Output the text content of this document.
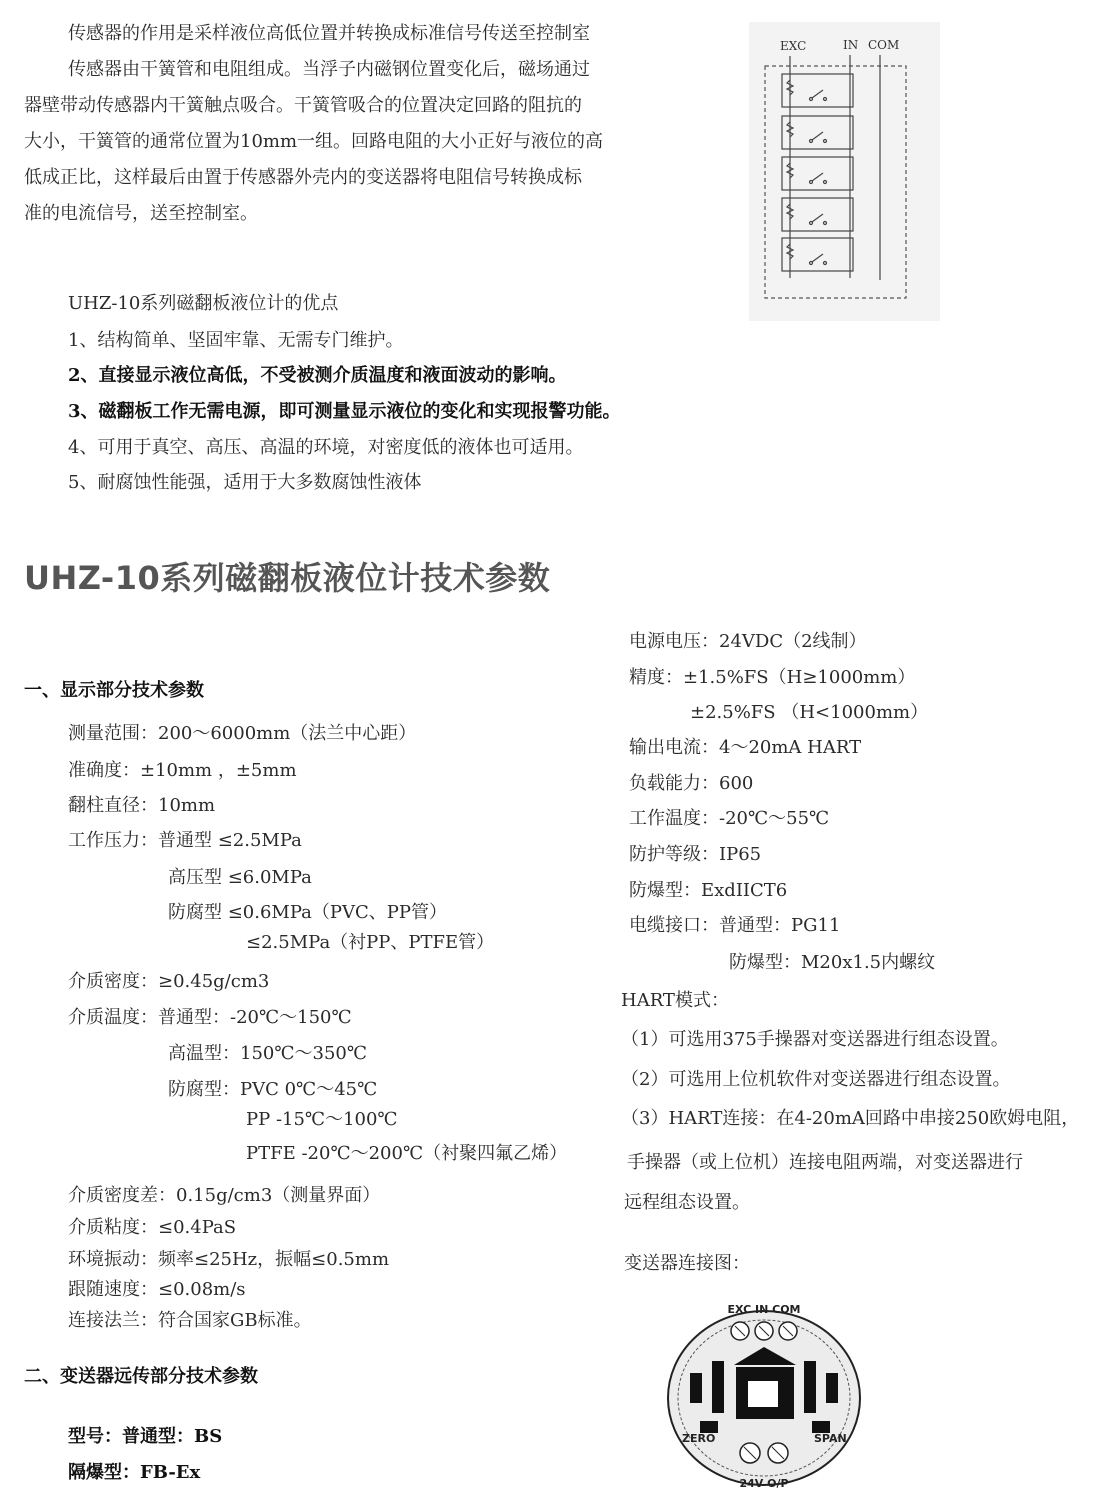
传感器的作用是采样液位高低位置并转换成标准信号传送至控制室

传感器由干簧管和电阻组成。当浮子内磁钢位置变化后，磁场通过

器壁带动传感器内干簧触点吸合。干簧管吸合的位置决定回路的阻抗的

大小，干簧管的通常位置为10mm一组。回路电阻的大小正好与液位的高

低成正比，这样最后由置于传感器外壳内的变送器将电阻信号转换成标

准的电流信号，送至控制室。

EXC	IN COM
UHZ-10系列磁翻板液位计的优点
1、结构简单、坚固牢靠、无需专门维护。
2、直接显示液位高低，不受被测介质温度和液面波动的影响。
3、磁翻板工作无需电源，即可测量显示液位的变化和实现报警功能。
4、可用于真空、高压、高温的环境，对密度低的液体也可适用。
5、耐腐蚀性能强，适用于大多数腐蚀性液体
UHZ-10系列磁翻板液位计技术参数
一、显示部分技术参数
测量范围：200～6000mm（法兰中心距）
准确度：±10mm ，±5mm
翻柱直径：10mm
工作压力：普通型 ≤2.5MPa
高压型 ≤6.0MPa
防腐型 ≤0.6MPa（PVC、PP管）
≤2.5MPa（衬PP、PTFE管）
介质密度：≥0.45g/cm3
介质温度：普通型：-20℃～150℃
高温型：150℃～350℃
防腐型：PVC 0℃～45℃
PP -15℃～100℃
PTFE -20℃～200℃（衬聚四氟乙烯）
介质密度差：0.15g/cm3（测量界面）
介质粘度：≤0.4PaS
环境振动：频率≤25Hz，振幅≤0.5mm
跟随速度：≤0.08m/s
连接法兰：符合国家GB标准。
二、变送器远传部分技术参数
型号：普通型：BS
隔爆型：FB-Ex
电源电压：24VDC（2线制）
精度：±1.5%FS（H≥1000mm）
±2.5%FS （H<1000mm）
输出电流：4～20mA HART
负载能力：600
工作温度：-20℃～55℃
防护等级：IP65
防爆型：ExdIICT6
电缆接口：普通型：PG11
防爆型：M20x1.5内螺纹
HART模式：
（1）可选用375手操器对变送器进行组态设置。
（2）可选用上位机软件对变送器进行组态设置。
（3）HART连接：在4-20mA回路中串接250欧姆电阻，
手操器（或上位机）连接电阻两端，对变送器进行
远程组态设置。
变送器连接图：
EXC IN COM
ZERO	SPAN
24V O/P
